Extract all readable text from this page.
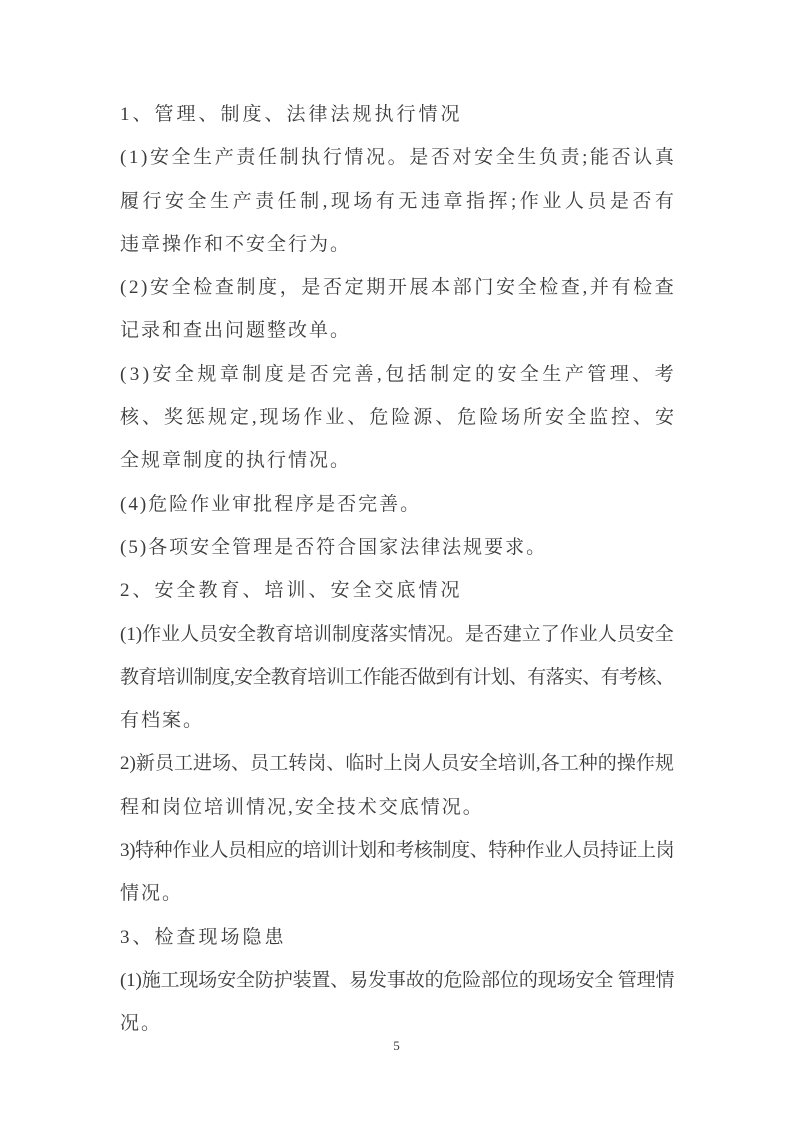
1、管理、制度、法律法规执行情况
( 1 ) 安 全 生 产 责 任 制 执 行 情 况 。 是 否 对 安 全 生 负 责 ; 能 否 认 真
履 行 安 全 生 产 责 任 制 , 现 场 有 无 违 章 指 挥 ; 作 业 人 员 是 否 有
违章操作和不安全行为。
( 2 ) 安 全 检 查 制 度 ， 是 否 定 期 开 展 本 部 门 安 全 检 查 , 并 有 检 查
记录和查出问题整改单。
( 3 ) 安 全 规 章 制 度 是 否 完 善 , 包 括 制 定 的 安 全 生 产 管 理 、 考
核 、 奖 惩 规 定 , 现 场 作 业 、 危 险 源 、 危 险 场 所 安 全 监 控 、 安
全规章制度的执行情况。
(4)危险作业审批程序是否完善。
(5)各项安全管理是否符合国家法律法规要求。
2、安全教育、培训、安全交底情况
( 1 ) 作 业 人 员 安 全 教 育 培 训 制 度 落 实 情 况 。 是 否 建 立 了 作 业 人 员 安 全
教 育 培 训 制 度 , 安 全 教 育 培 训 工 作 能 否 做 到 有 计 划 、 有 落 实 、 有 考 核 、
有档案。
2 ) 新 员 工 进 场 、 员 工 转 岗 、 临 时 上 岗 人 员 安 全 培 训 , 各 工 种 的 操 作 规
程和岗位培训情况,安全技术交底情况。
3 ) 特 种 作 业 人 员 相 应 的 培 训 计 划 和 考 核 制 度 、 特 种 作 业 人 员 持 证 上 岗
情况。
3、检查现场隐患
( 1 ) 施 工 现 场 安 全 防 护 装 置 、 易 发 事 故 的 危 险 部 位 的 现 场 安 全
管 理 情
况。
5
